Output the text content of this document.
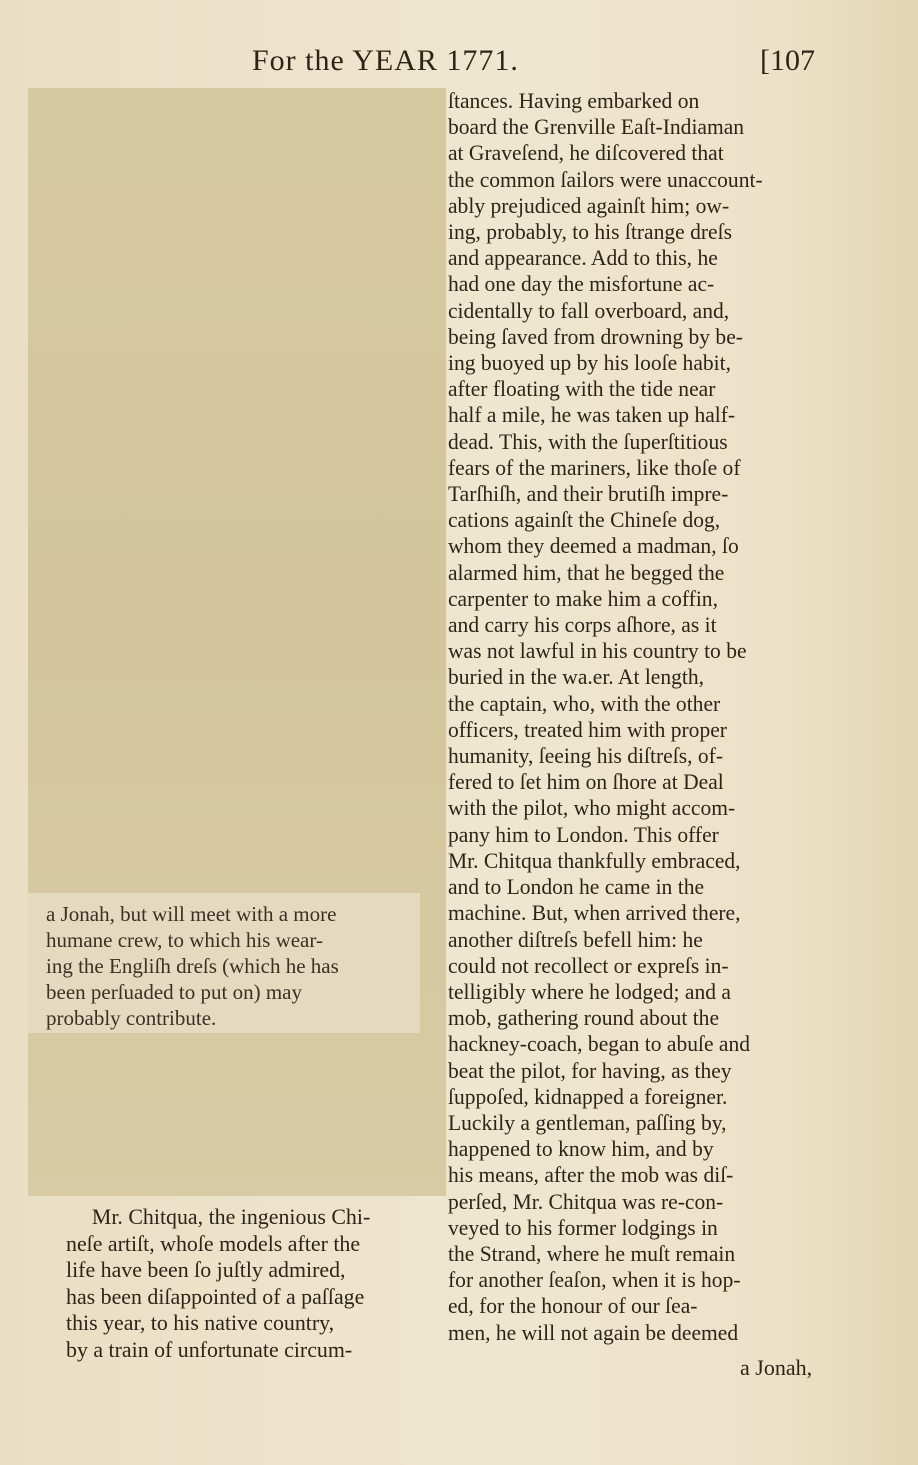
For the YEAR 1771.	[107
a Jonah, but will meet with a more
humane crew, to which his wear-
ing the Engliſh dreſs (which he has
been perſuaded to put on) may
probably contribute.
Mr. Chitqua, the ingenious Chi- neſe artiſt, whoſe models after the life have been ſo juſtly admired, has been diſappointed of a paſſage this year, to his native country, by a train of unfortunate circum-
ſtances. Having embarked on board the Grenville Eaſt-Indiaman at Graveſend, he diſcovered that the common ſailors were unaccount- ably prejudiced againſt him; ow- ing, probably, to his ſtrange dreſs and appearance. Add to this, he had one day the misfortune ac- cidentally to fall overboard, and, being ſaved from drowning by be- ing buoyed up by his looſe habit, after floating with the tide near half a mile, he was taken up half- dead. This, with the ſuperſtitious fears of the mariners, like thoſe of Tarſhiſh, and their brutiſh impre- cations againſt the Chineſe dog, whom they deemed a madman, ſo alarmed him, that he begged the carpenter to make him a coffin, and carry his corps aſhore, as it was not lawful in his country to be buried in the wa.er. At length, the captain, who, with the other officers, treated him with proper humanity, ſeeing his diſtreſs, of- fered to ſet him on ſhore at Deal with the pilot, who might accom- pany him to London. This offer Mr. Chitqua thankfully embraced, and to London he came in the machine. But, when arrived there, another diſtreſs befell him: he could not recollect or expreſs in- telligibly where he lodged; and a mob, gathering round about the hackney-coach, began to abuſe and beat the pilot, for having, as they ſuppoſed, kidnapped a foreigner. Luckily a gentleman, paſſing by, happened to know him, and by his means, after the mob was diſ- perſed, Mr. Chitqua was re-con- veyed to his former lodgings in the Strand, where he muſt remain for another ſeaſon, when it is hop- ed, for the honour of our ſea- men, he will not again be deemed
a Jonah,
